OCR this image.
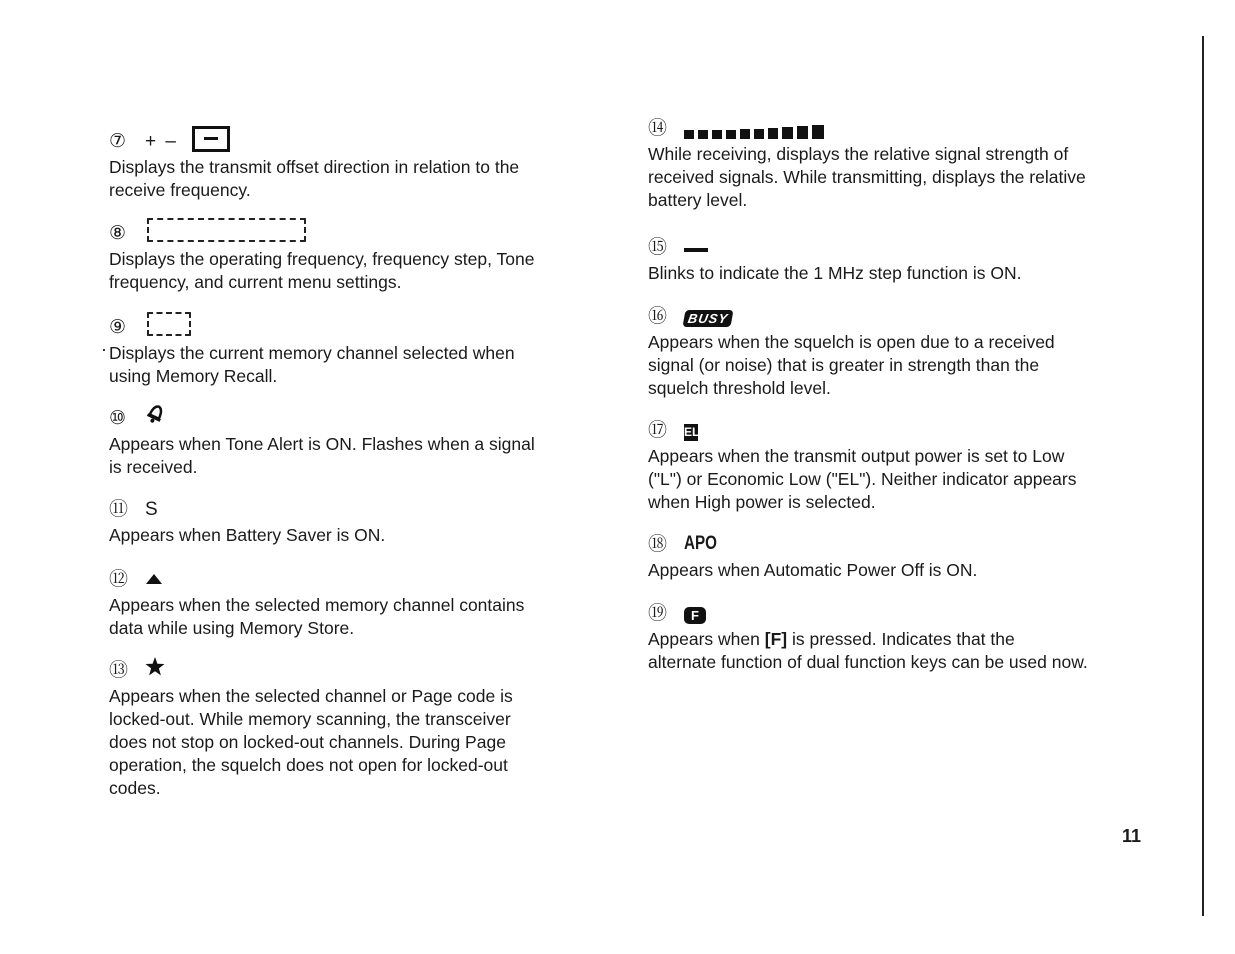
⑦ + –

Displays the transmit offset direction in relation to the
receive frequency.

⑧

Displays the operating frequency, frequency step, Tone
frequency, and current menu settings.

⑨

Displays the current memory channel selected when
using Memory Recall.

⑩

Appears when Tone Alert is ON. Flashes when a signal
is received.

⑪ S

Appears when Battery Saver is ON.

⑫

Appears when the selected memory channel contains
data while using Memory Store.

⑬

Appears when the selected channel or Page code is
locked-out. While memory scanning, the transceiver
does not stop on locked-out channels. During Page
operation, the squelch does not open for locked-out
codes.

⑭

While receiving, displays the relative signal strength of
received signals. While transmitting, displays the relative
battery level.

⑮

Blinks to indicate the 1 MHz step function is ON.

⑯	BUSY

Appears when the squelch is open due to a received
signal (or noise) that is greater in strength than the
squelch threshold level.

⑰ EL

Appears when the transmit output power is set to Low
("L") or Economic Low ("EL"). Neither indicator appears
when High power is selected.

⑱ APO

Appears when Automatic Power Off is ON.

⑲	F

Appears when [F] is pressed. Indicates that the
alternate function of dual function keys can be used now.

11
